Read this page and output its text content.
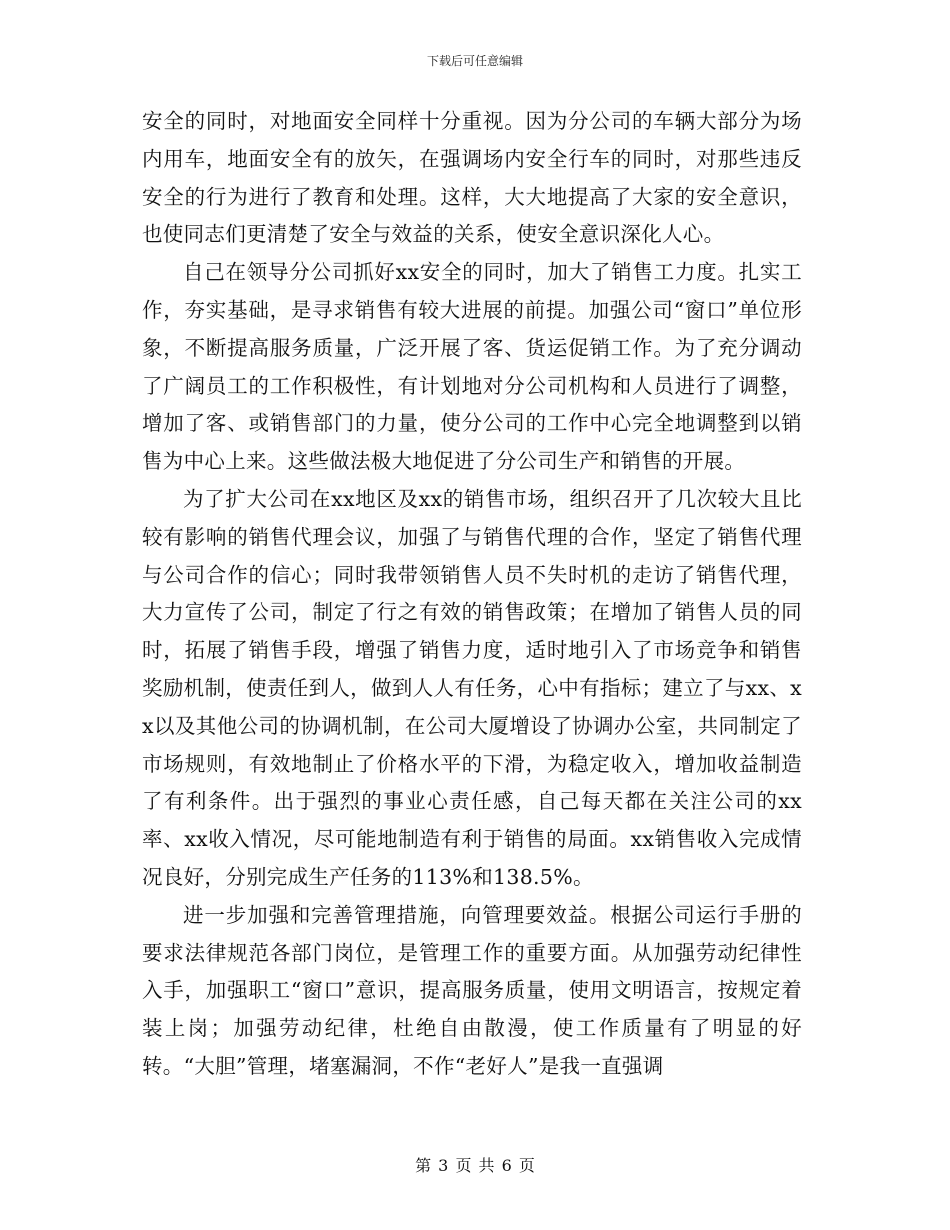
下载后可任意编辑

安全的同时，对地面安全同样十分重视。因为分公司的车辆大部分为场内用车，地面安全有的放矢，在强调场内安全行车的同时，对那些违反安全的行为进行了教育和处理。这样，大大地提高了大家的安全意识，也使同志们更清楚了安全与效益的关系，使安全意识深化人心。

自己在领导分公司抓好xx安全的同时，加大了销售工力度。扎实工作，夯实基础，是寻求销售有较大进展的前提。加强公司“窗口”单位形象，不断提高服务质量，广泛开展了客、货运促销工作。为了充分调动了广阔员工的工作积极性，有计划地对分公司机构和人员进行了调整，增加了客、或销售部门的力量，使分公司的工作中心完全地调整到以销售为中心上来。这些做法极大地促进了分公司生产和销售的开展。

为了扩大公司在xx地区及xx的销售市场，组织召开了几次较大且比较有影响的销售代理会议，加强了与销售代理的合作，坚定了销售代理与公司合作的信心；同时我带领销售人员不失时机的走访了销售代理，大力宣传了公司，制定了行之有效的销售政策；在增加了销售人员的同时，拓展了销售手段，增强了销售力度，适时地引入了市场竞争和销售奖励机制，使责任到人，做到人人有任务，心中有指标；建立了与xx、xx以及其他公司的协调机制，在公司大厦增设了协调办公室，共同制定了市场规则，有效地制止了价格水平的下滑，为稳定收入，增加收益制造了有利条件。出于强烈的事业心责任感，自己每天都在关注公司的xx率、xx收入情况，尽可能地制造有利于销售的局面。xx销售收入完成情况良好，分别完成生产任务的113%和138.5%。

进一步加强和完善管理措施，向管理要效益。根据公司运行手册的要求法律规范各部门岗位，是管理工作的重要方面。从加强劳动纪律性入手，加强职工“窗口”意识，提高服务质量，使用文明语言，按规定着装上岗；加强劳动纪律，杜绝自由散漫，使工作质量有了明显的好转。“大胆”管理，堵塞漏洞，不作“老好人”是我一直强调

第 3 页 共 6 页
